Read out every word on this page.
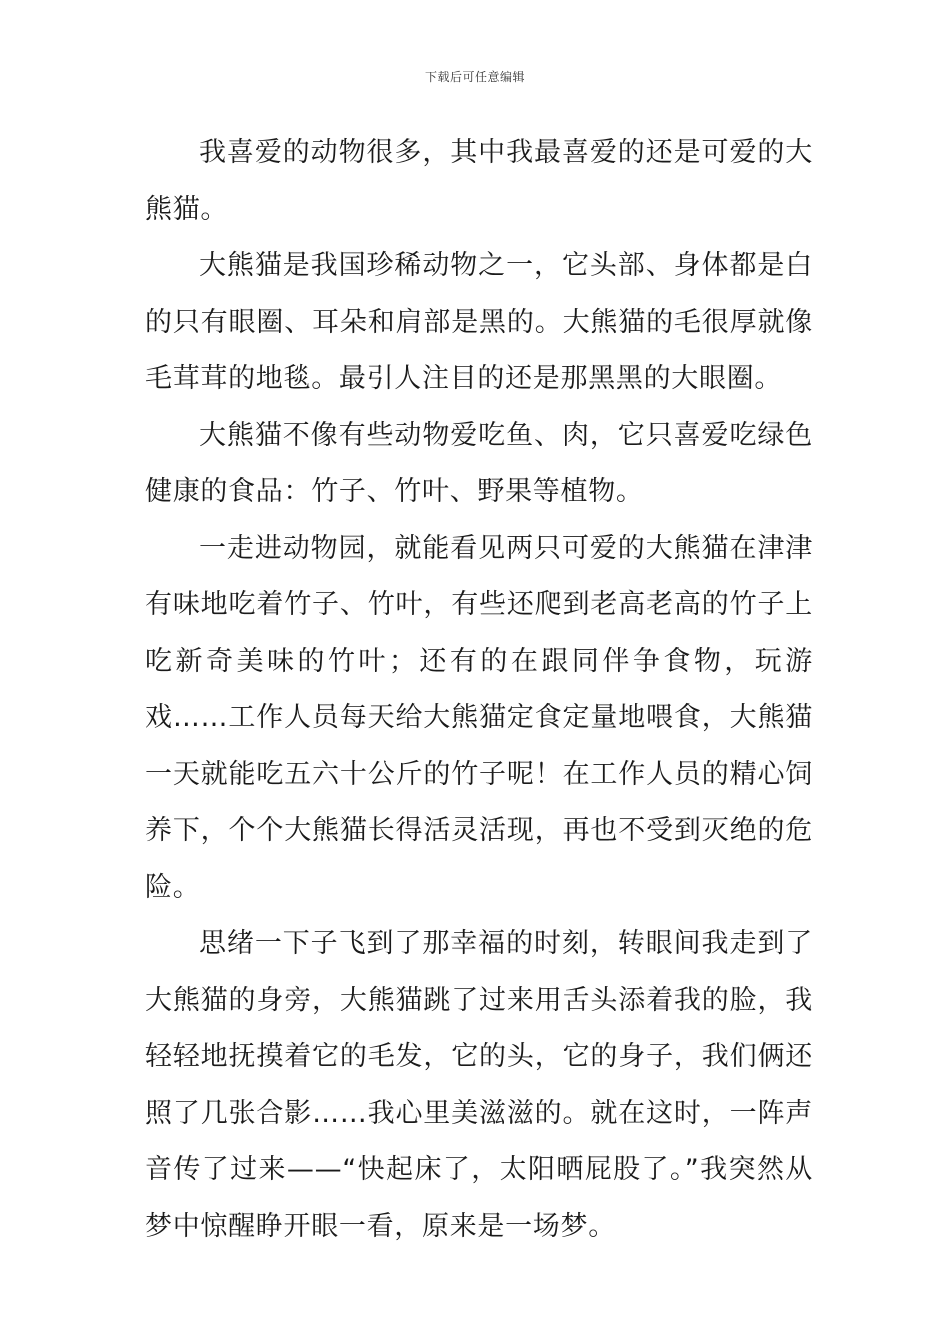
下载后可任意编辑

我喜爱的动物很多，其中我最喜爱的还是可爱的大熊猫。

大熊猫是我国珍稀动物之一，它头部、身体都是白的只有眼圈、耳朵和肩部是黑的。大熊猫的毛很厚就像毛茸茸的地毯。最引人注目的还是那黑黑的大眼圈。

大熊猫不像有些动物爱吃鱼、肉，它只喜爱吃绿色健康的食品：竹子、竹叶、野果等植物。

一走进动物园，就能看见两只可爱的大熊猫在津津有味地吃着竹子、竹叶，有些还爬到老高老高的竹子上吃新奇美味的竹叶；还有的在跟同伴争食物，玩游戏……工作人员每天给大熊猫定食定量地喂食，大熊猫一天就能吃五六十公斤的竹子呢！在工作人员的精心饲养下，个个大熊猫长得活灵活现，再也不受到灭绝的危险。

思绪一下子飞到了那幸福的时刻，转眼间我走到了大熊猫的身旁，大熊猫跳了过来用舌头添着我的脸，我轻轻地抚摸着它的毛发，它的头，它的身子，我们俩还照了几张合影……我心里美滋滋的。就在这时，一阵声音传了过来——“快起床了，太阳晒屁股了。”我突然从梦中惊醒睁开眼一看，原来是一场梦。
